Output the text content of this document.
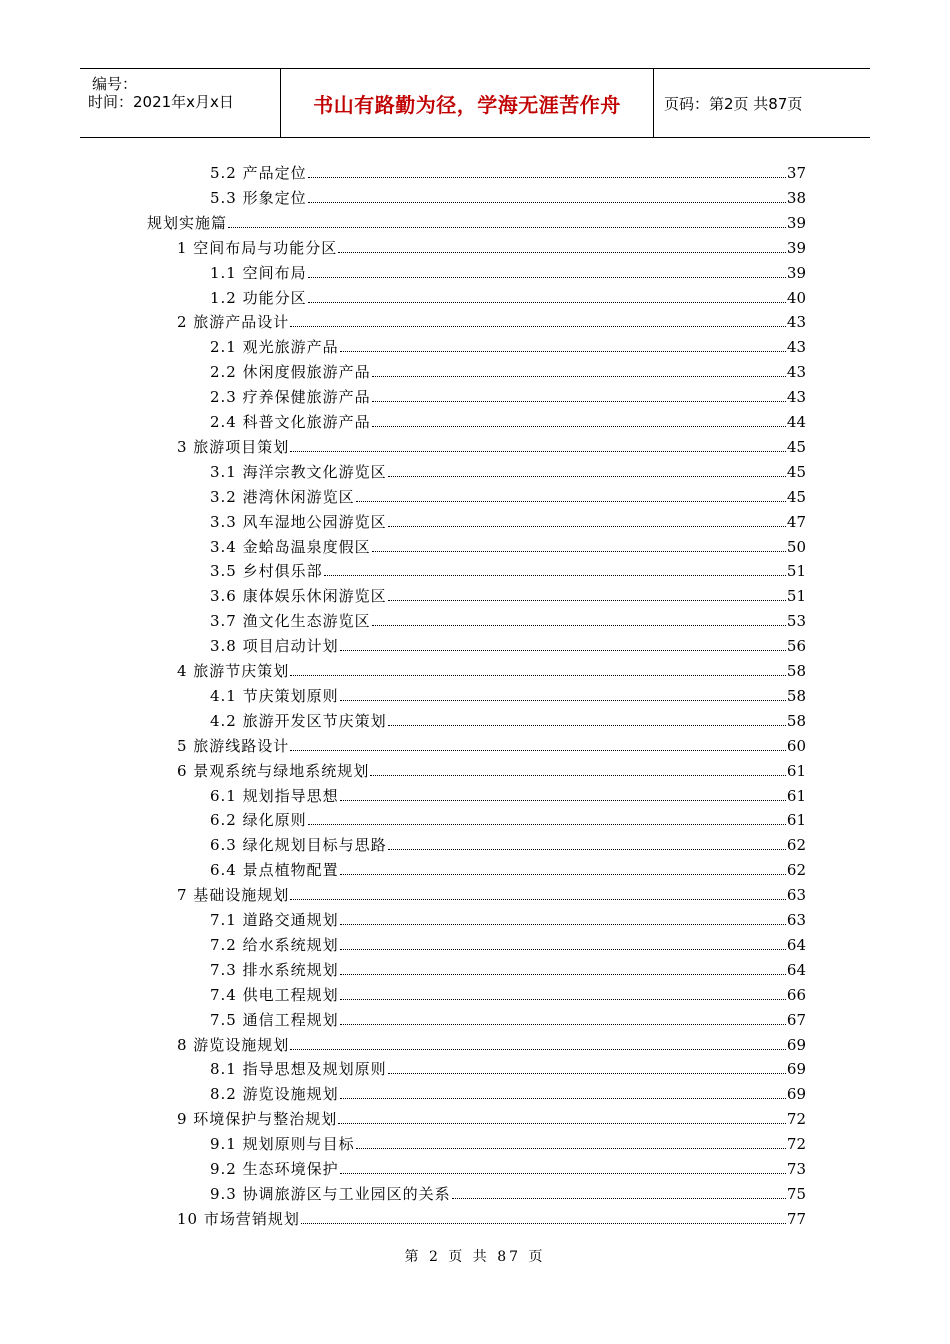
编号：
时间：2021年x月x日	书山有路勤为径，学海无涯苦作舟	页码：第2页 共87页
5.2 产品定位	37
5.3 形象定位	38
规划实施篇	39
1 空间布局与功能分区	39
1.1 空间布局	39
1.2 功能分区	40
2 旅游产品设计	43
2.1 观光旅游产品	43
2.2 休闲度假旅游产品	43
2.3 疗养保健旅游产品	43
2.4 科普文化旅游产品	44
3 旅游项目策划	45
3.1 海洋宗教文化游览区	45
3.2 港湾休闲游览区	45
3.3 风车湿地公园游览区	47
3.4 金蛤岛温泉度假区	50
3.5 乡村俱乐部	51
3.6 康体娱乐休闲游览区	51
3.7 渔文化生态游览区	53
3.8 项目启动计划	56
4 旅游节庆策划	58
4.1 节庆策划原则	58
4.2 旅游开发区节庆策划	58
5 旅游线路设计	60
6 景观系统与绿地系统规划	61
6.1 规划指导思想	61
6.2 绿化原则	61
6.3 绿化规划目标与思路	62
6.4 景点植物配置	62
7 基础设施规划	63
7.1 道路交通规划	63
7.2 给水系统规划	64
7.3 排水系统规划	64
7.4 供电工程规划	66
7.5 通信工程规划	67
8 游览设施规划	69
8.1 指导思想及规划原则	69
8.2 游览设施规划	69
9 环境保护与整治规划	72
9.1 规划原则与目标	72
9.2 生态环境保护	73
9.3 协调旅游区与工业园区的关系	75
10 市场营销规划	77
第 2 页 共 87 页
